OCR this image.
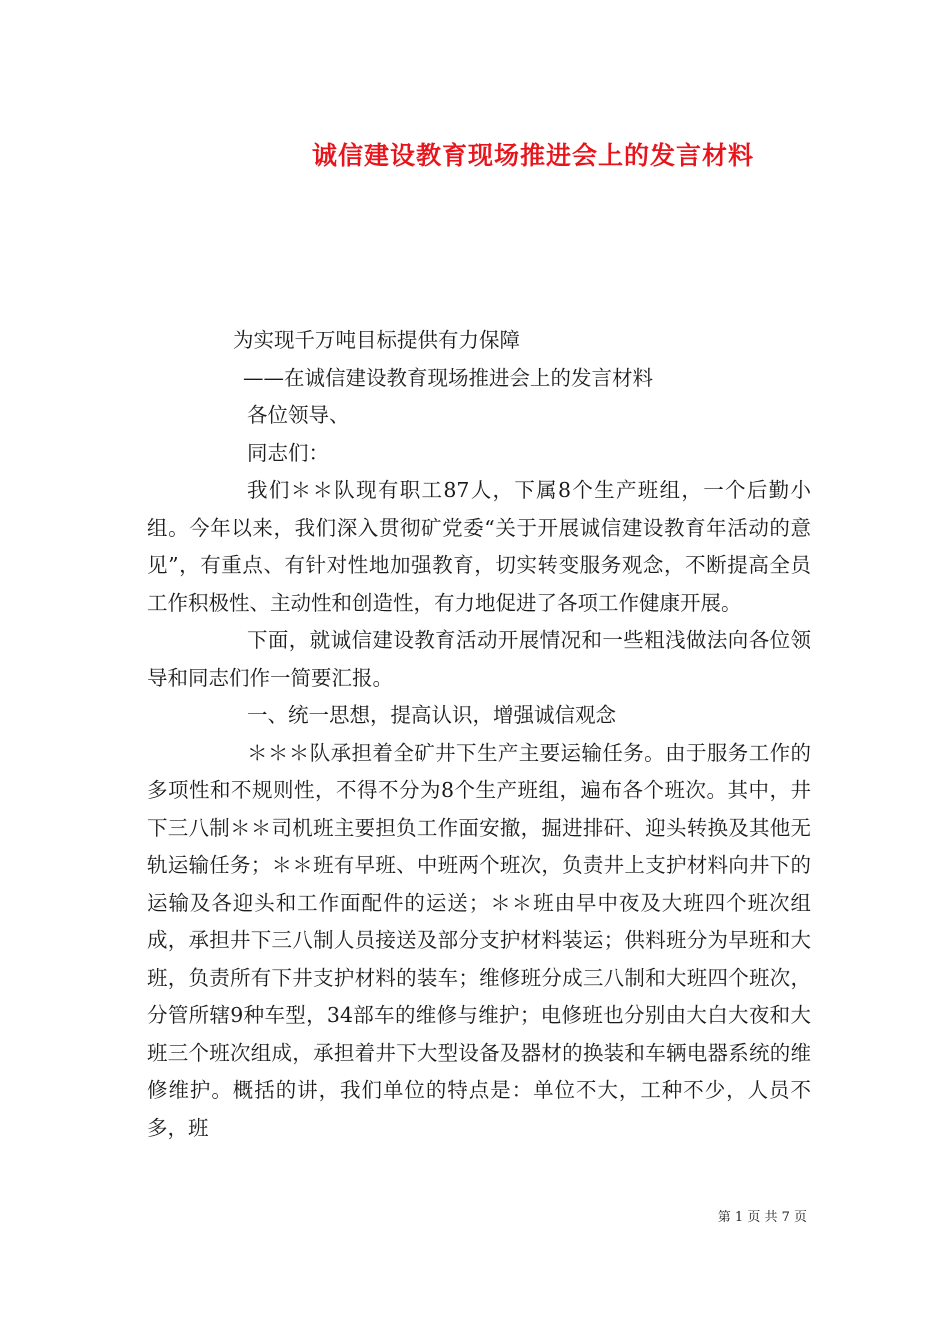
诚信建设教育现场推进会上的发言材料
为实现千万吨目标提供有力保障
——在诚信建设教育现场推进会上的发言材料
各位领导、
同志们：

我们＊＊队现有职工87人，下属8个生产班组，一个后勤小组。今年以来，我们深入贯彻矿党委“关于开展诚信建设教育年活动的意见”，有重点、有针对性地加强教育，切实转变服务观念，不断提高全员工作积极性、主动性和创造性，有力地促进了各项工作健康开展。

下面，就诚信建设教育活动开展情况和一些粗浅做法向各位领导和同志们作一简要汇报。

一、统一思想，提高认识，增强诚信观念

＊＊＊队承担着全矿井下生产主要运输任务。由于服务工作的多项性和不规则性，不得不分为8个生产班组，遍布各个班次。其中，井下三八制＊＊司机班主要担负工作面安撤，掘进排矸、迎头转换及其他无轨运输任务；＊＊班有早班、中班两个班次，负责井上支护材料向井下的运输及各迎头和工作面配件的运送；＊＊班由早中夜及大班四个班次组成，承担井下三八制人员接送及部分支护材料装运；供料班分为早班和大班，负责所有下井支护材料的装车；维修班分成三八制和大班四个班次，分管所辖9种车型，34部车的维修与维护；电修班也分别由大白大夜和大班三个班次组成，承担着井下大型设备及器材的换装和车辆电器系统的维修维护。概括的讲，我们单位的特点是：单位不大，工种不少，人员不多，班

第 1 页 共 7 页
